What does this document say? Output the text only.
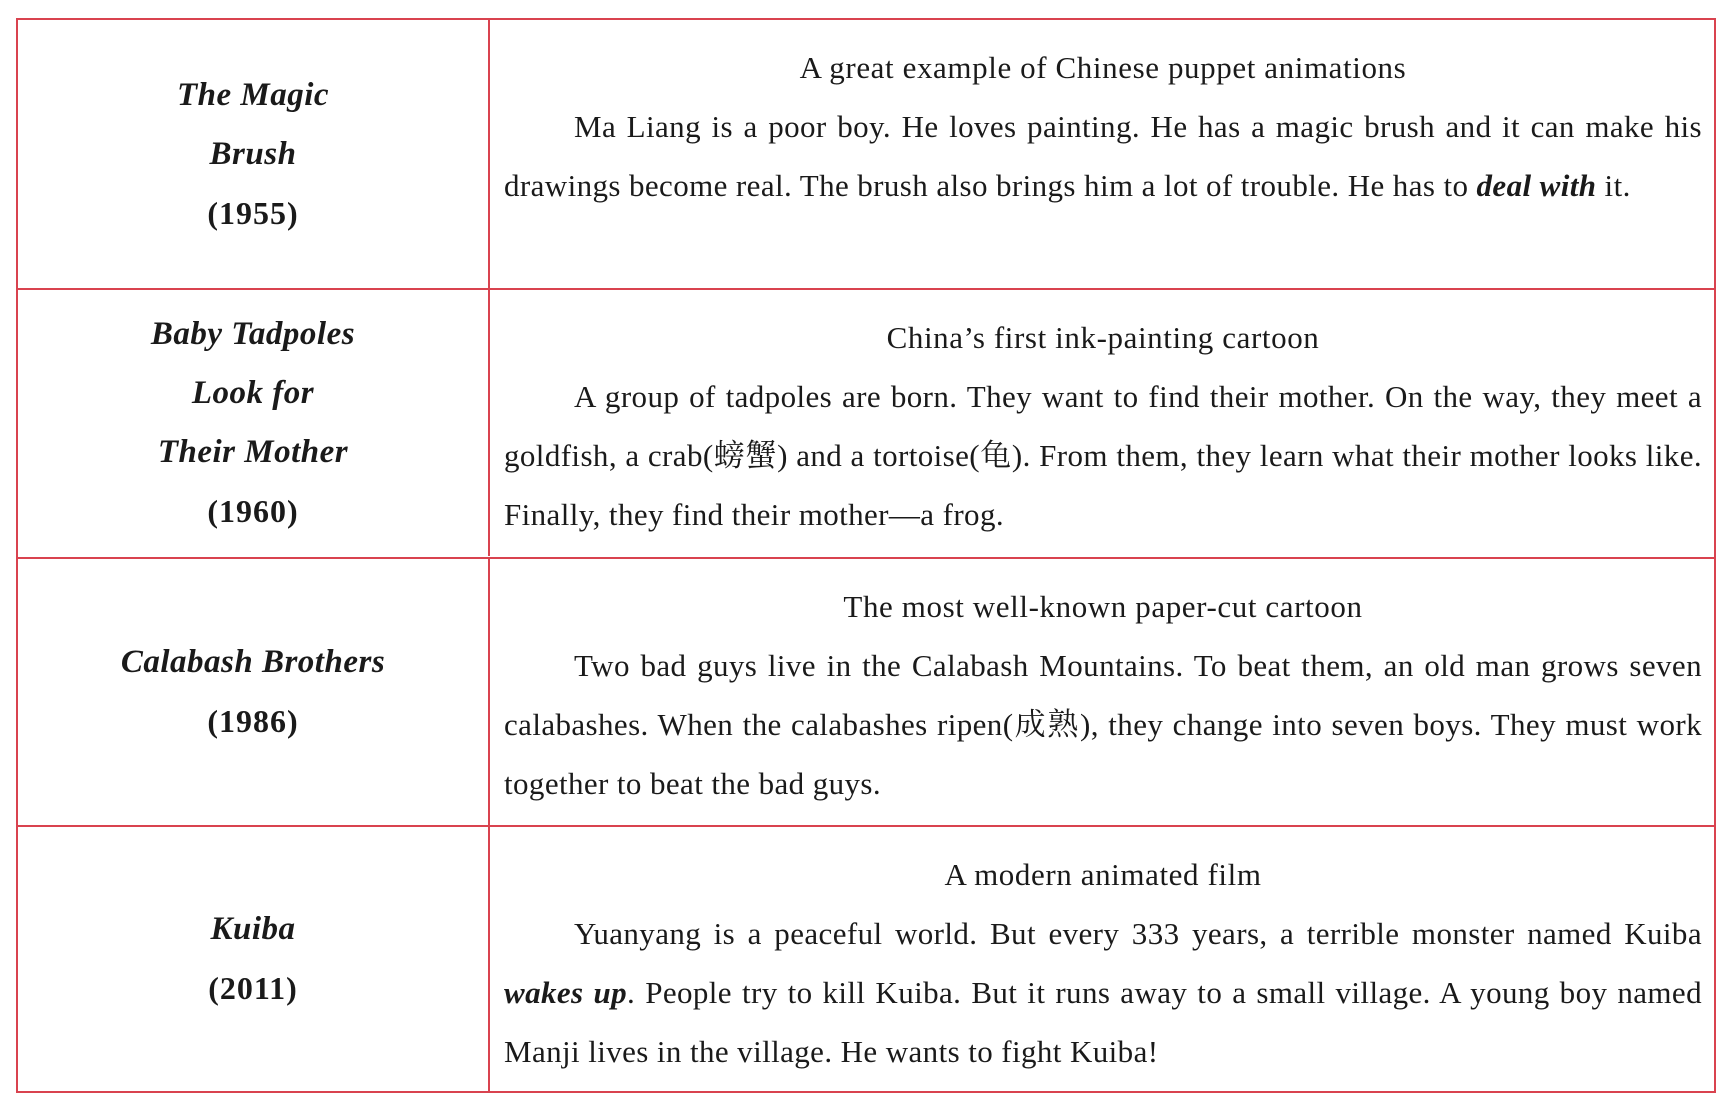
The Magic
Brush
(1955)
A great example of Chinese puppet animations
Ma Liang is a poor boy. He loves painting. He has a magic brush and it can make his drawings become real. The brush also brings him a lot of trouble. He has to deal with it.
Baby Tadpoles
Look for
Their Mother
(1960)
China’s first ink-painting cartoon
A group of tadpoles are born. They want to find their mother. On the way, they meet a goldfish, a crab(螃蟹) and a tortoise(龟). From them, they learn what their mother looks like. Finally, they find their mother—a frog.
Calabash Brothers
(1986)
The most well-known paper-cut cartoon
Two bad guys live in the Calabash Mountains. To beat them, an old man grows seven calabashes. When the calabashes ripen(成熟), they change into seven boys. They must work together to beat the bad guys.
Kuiba
(2011)
A modern animated film
Yuanyang is a peaceful world. But every 333 years, a terrible monster named Kuiba wakes up. People try to kill Kuiba. But it runs away to a small village. A young boy named Manji lives in the village. He wants to fight Kuiba!
